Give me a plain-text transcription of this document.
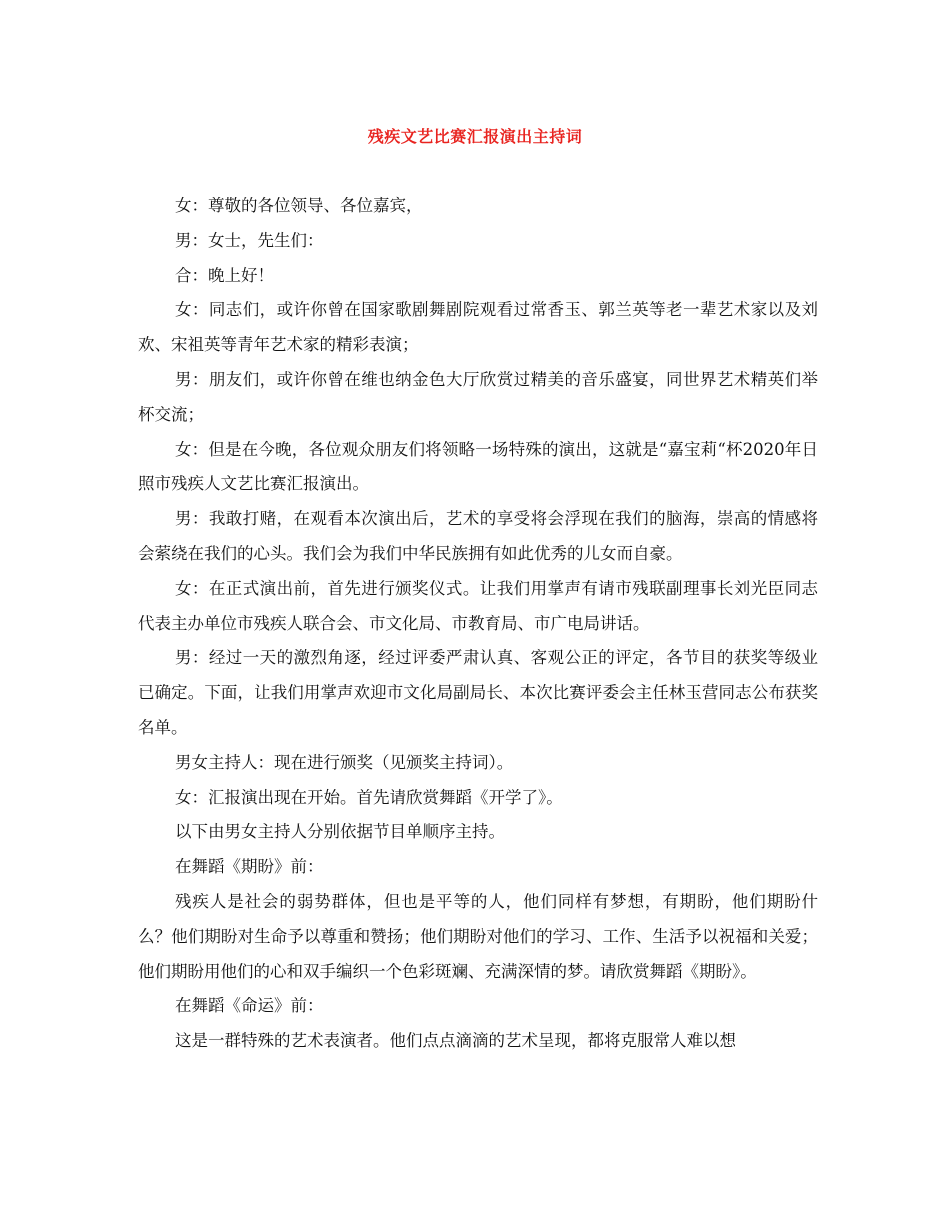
残疾文艺比赛汇报演出主持词

女：尊敬的各位领导、各位嘉宾，

男：女士，先生们：

合：晚上好！

女：同志们，或许你曾在国家歌剧舞剧院观看过常香玉、郭兰英等老一辈艺术家以及刘欢、宋祖英等青年艺术家的精彩表演；

男：朋友们，或许你曾在维也纳金色大厅欣赏过精美的音乐盛宴，同世界艺术精英们举杯交流；

女：但是在今晚，各位观众朋友们将领略一场特殊的演出，这就是“嘉宝莉“杯2020年日照市残疾人文艺比赛汇报演出。

男：我敢打赌，在观看本次演出后，艺术的享受将会浮现在我们的脑海，崇高的情感将会萦绕在我们的心头。我们会为我们中华民族拥有如此优秀的儿女而自豪。

女：在正式演出前，首先进行颁奖仪式。让我们用掌声有请市残联副理事长刘光臣同志代表主办单位市残疾人联合会、市文化局、市教育局、市广电局讲话。

男：经过一天的激烈角逐，经过评委严肃认真、客观公正的评定，各节目的获奖等级业已确定。下面，让我们用掌声欢迎市文化局副局长、本次比赛评委会主任林玉营同志公布获奖名单。

男女主持人：现在进行颁奖（见颁奖主持词）。

女：汇报演出现在开始。首先请欣赏舞蹈《开学了》。

以下由男女主持人分别依据节目单顺序主持。

在舞蹈《期盼》前：

残疾人是社会的弱势群体，但也是平等的人，他们同样有梦想，有期盼，他们期盼什么？他们期盼对生命予以尊重和赞扬；他们期盼对他们的学习、工作、生活予以祝福和关爱；他们期盼用他们的心和双手编织一个色彩斑斓、充满深情的梦。请欣赏舞蹈《期盼》。

在舞蹈《命运》前：

这是一群特殊的艺术表演者。他们点点滴滴的艺术呈现，都将克服常人难以想
